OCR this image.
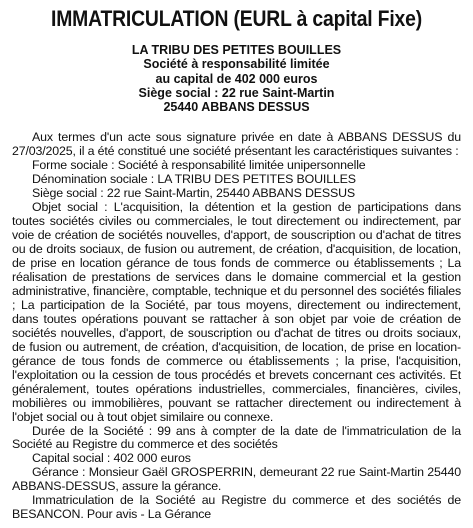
IMMATRICULATION (EURL à capital Fixe)
LA TRIBU DES PETITES BOUILLES
Société à responsabilité limitée
au capital de 402 000 euros
Siège social : 22 rue Saint-Martin
25440 ABBANS DESSUS

Aux termes d'un acte sous signature privée en date à ABBANS DESSUS du 27/03/2025, il a été constitué une société présentant les caractéristiques suivantes :

Forme sociale : Société à responsabilité limitée unipersonnelle

Dénomination sociale : LA TRIBU DES PETITES BOUILLES

Siège social : 22 rue Saint-Martin, 25440 ABBANS DESSUS

Objet social : L'acquisition, la détention et la gestion de participations dans toutes sociétés civiles ou commerciales, le tout directement ou indirectement, par voie de création de sociétés nouvelles, d'apport, de souscription ou d'achat de titres ou de droits sociaux, de fusion ou autrement, de création, d'acquisition, de location, de prise en location gérance de tous fonds de commerce ou établissements ; La réalisation de prestations de services dans le domaine commercial et la gestion administrative, financière, comptable, technique et du personnel des sociétés filiales ; La participation de la Société, par tous moyens, directement ou indirectement, dans toutes opérations pouvant se rattacher à son objet par voie de création de sociétés nouvelles, d'apport, de souscription ou d'achat de titres ou droits sociaux, de fusion ou autrement, de création, d'acquisition, de location, de prise en location-gérance de tous fonds de commerce ou établissements ; la prise, l'acquisition, l'exploitation ou la cession de tous procédés et brevets concernant ces activités. Et généralement, toutes opérations industrielles, commerciales, financières, civiles, mobilières ou immobilières, pouvant se rattacher directement ou indirectement à l'objet social ou à tout objet similaire ou connexe.

Durée de la Société : 99 ans à compter de la date de l'immatriculation de la Société au Registre du commerce et des sociétés

Capital social : 402 000 euros

Gérance : Monsieur Gaël GROSPERRIN, demeurant 22 rue Saint-Martin 25440 ABBANS-DESSUS, assure la gérance.

Immatriculation de la Société au Registre du commerce et des sociétés de BESANCON. Pour avis - La Gérance
